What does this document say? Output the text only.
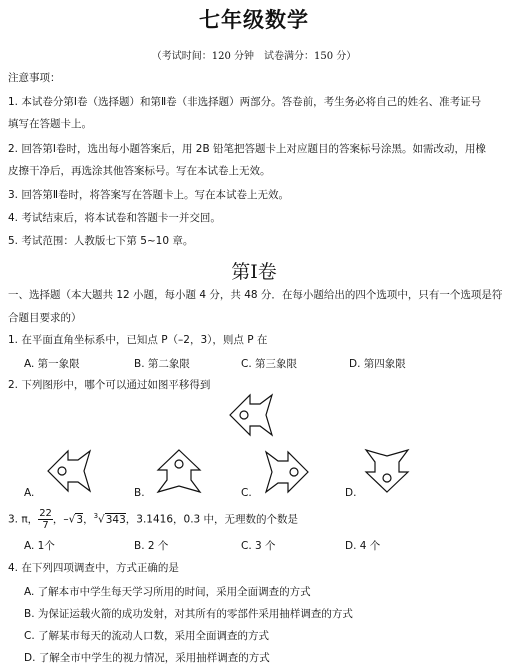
七年级数学
（考试时间：120 分钟　试卷满分：150 分）
注意事项：
1. 本试卷分第Ⅰ卷（选择题）和第Ⅱ卷（非选择题）两部分。答卷前，考生务必将自己的姓名、准考证号
填写在答题卡上。
2. 回答第Ⅰ卷时，选出每小题答案后，用 2B 铅笔把答题卡上对应题目的答案标号涂黑。如需改动，用橡
皮擦干净后，再选涂其他答案标号。写在本试卷上无效。
3. 回答第Ⅱ卷时，将答案写在答题卡上。写在本试卷上无效。
4. 考试结束后，将本试卷和答题卡一并交回。
5. 考试范围：人教版七下第 5~10 章。
第Ⅰ卷
一、选择题（本大题共 12 小题，每小题 4 分，共 48 分．在每小题给出的四个选项中，只有一个选项是符
合题目要求的）
1. 在平面直角坐标系中，已知点 P（–2，3），则点 P 在
A. 第一象限	B. 第二象限	C. 第三象限	D. 第四象限
2. 下列图形中，哪个可以通过如图平移得到
A.	B.	C.	D.
3. π， $\frac{22}{7}$ ，–√3，$^3$√343，3.1416，0.3 中，无理数的个数是
A. 1个	B. 2 个	C. 3 个	D. 4 个
4. 在下列四项调查中，方式正确的是
A. 了解本市中学生每天学习所用的时间，采用全面调查的方式
B. 为保证运载火箭的成功发射，对其所有的零部件采用抽样调查的方式
C. 了解某市每天的流动人口数，采用全面调查的方式
D. 了解全市中学生的视力情况，采用抽样调查的方式
